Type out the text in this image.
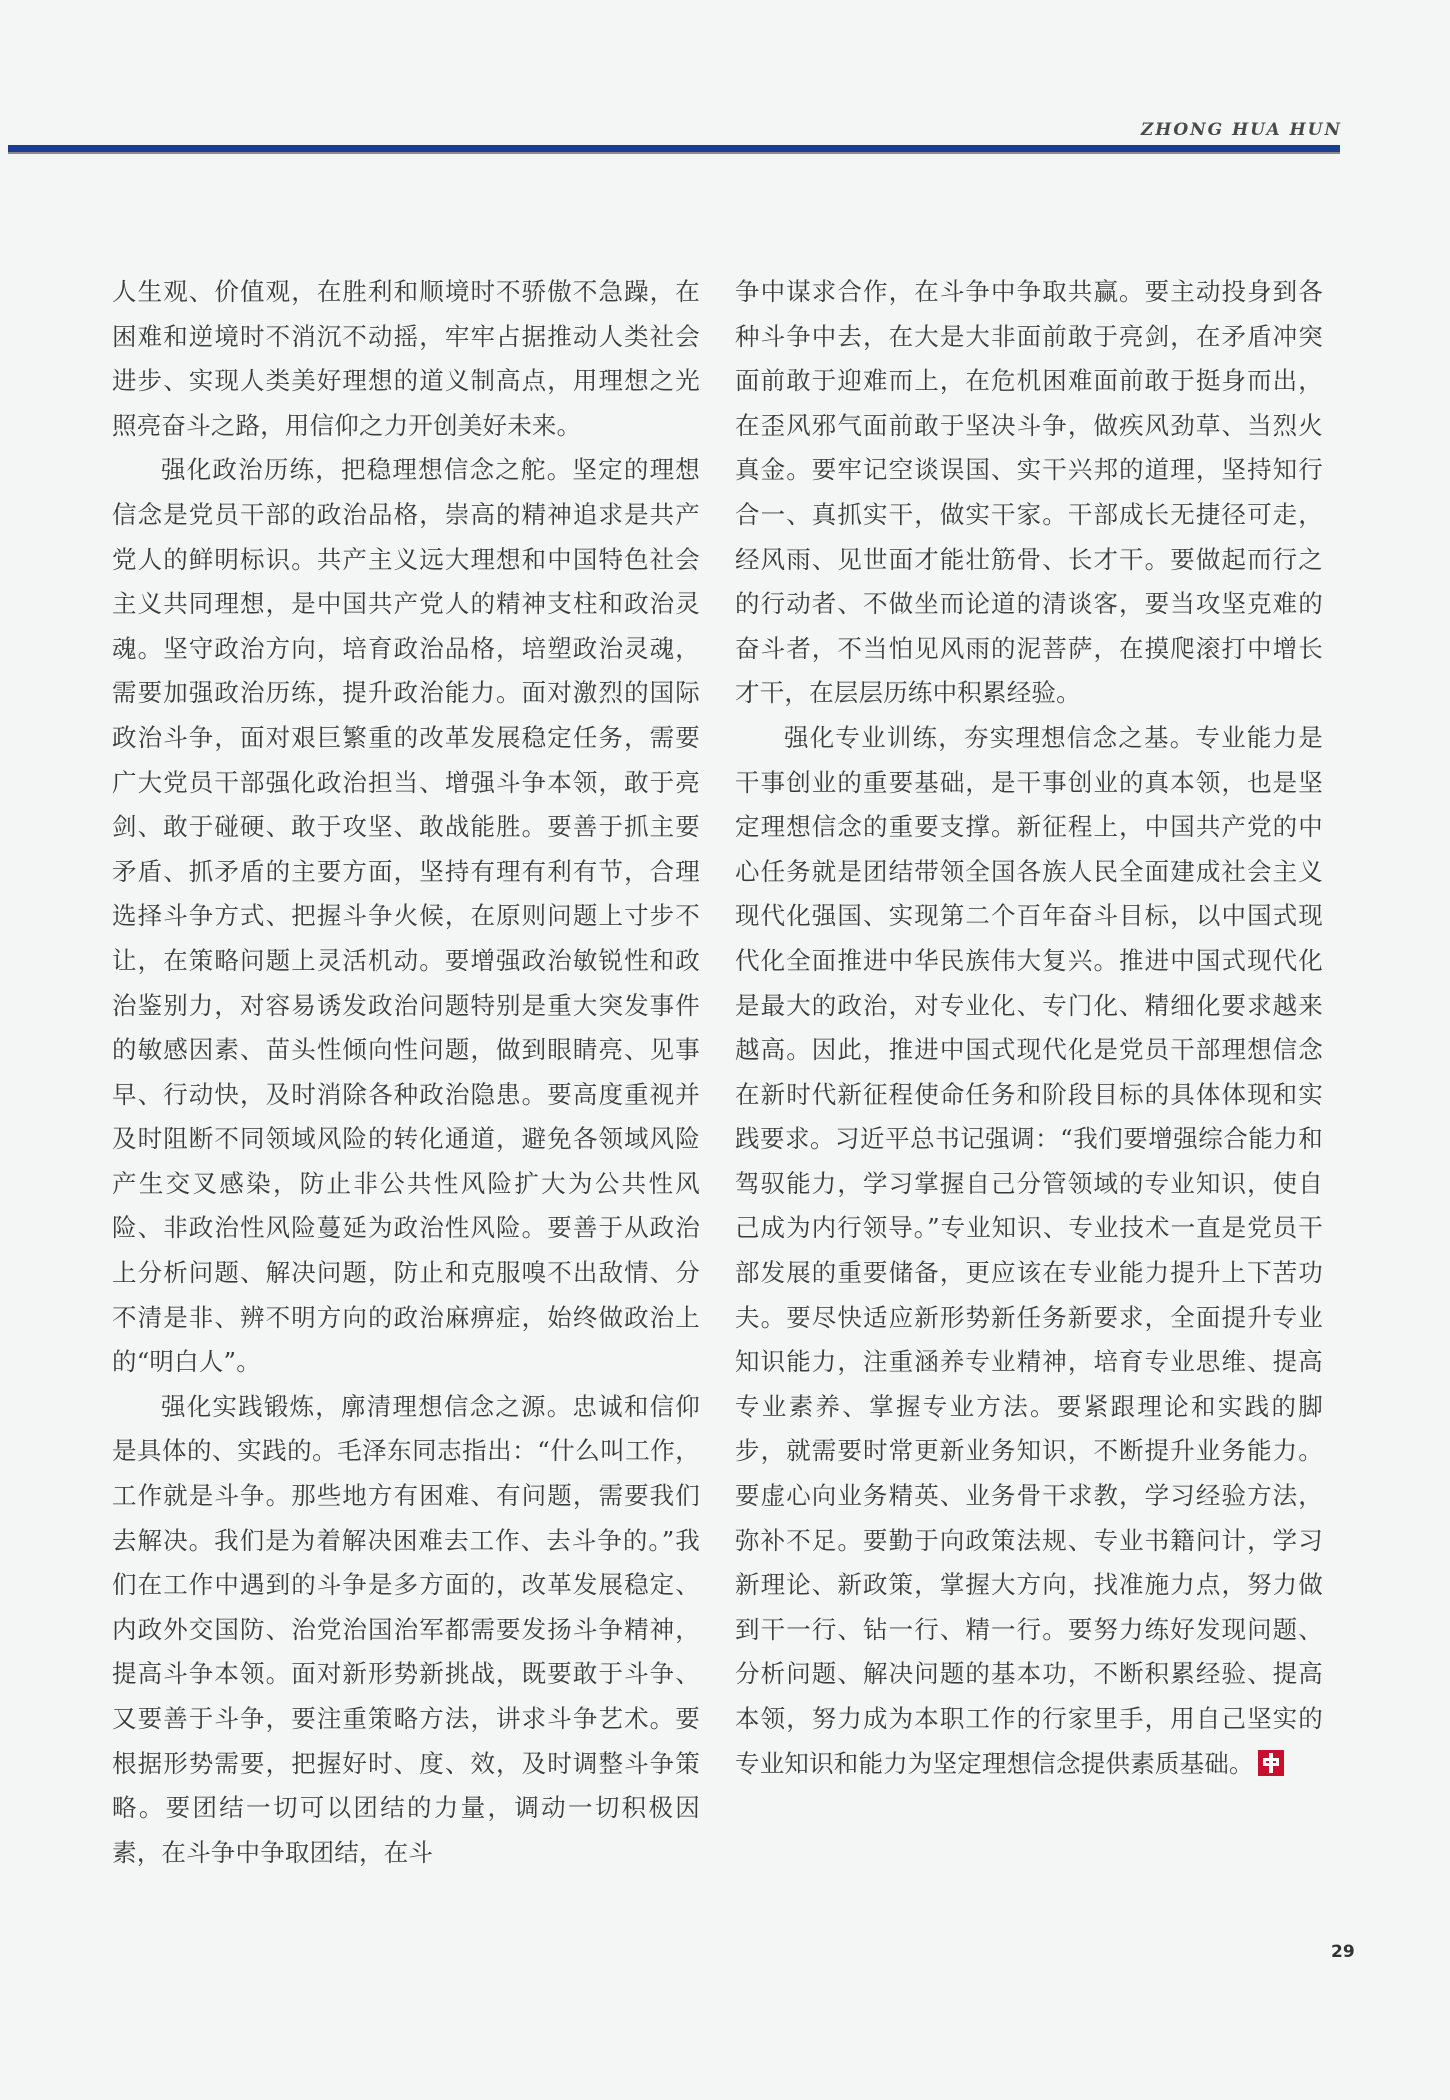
ZHONG HUA HUN

人生观、价值观，在胜利和顺境时不骄傲不急躁，在困难和逆境时不消沉不动摇，牢牢占据推动人类社会进步、实现人类美好理想的道义制高点，用理想之光照亮奋斗之路，用信仰之力开创美好未来。

强化政治历练，把稳理想信念之舵。坚定的理想信念是党员干部的政治品格，崇高的精神追求是共产党人的鲜明标识。共产主义远大理想和中国特色社会主义共同理想，是中国共产党人的精神支柱和政治灵魂。坚守政治方向，培育政治品格，培塑政治灵魂，需要加强政治历练，提升政治能力。面对激烈的国际政治斗争，面对艰巨繁重的改革发展稳定任务，需要广大党员干部强化政治担当、增强斗争本领，敢于亮剑、敢于碰硬、敢于攻坚、敢战能胜。要善于抓主要矛盾、抓矛盾的主要方面，坚持有理有利有节，合理选择斗争方式、把握斗争火候，在原则问题上寸步不让，在策略问题上灵活机动。要增强政治敏锐性和政治鉴别力，对容易诱发政治问题特别是重大突发事件的敏感因素、苗头性倾向性问题，做到眼睛亮、见事早、行动快，及时消除各种政治隐患。要高度重视并及时阻断不同领域风险的转化通道，避免各领域风险产生交叉感染，防止非公共性风险扩大为公共性风险、非政治性风险蔓延为政治性风险。要善于从政治上分析问题、解决问题，防止和克服嗅不出敌情、分不清是非、辨不明方向的政治麻痹症，始终做政治上的“明白人”。

强化实践锻炼，廓清理想信念之源。忠诚和信仰是具体的、实践的。毛泽东同志指出：“什么叫工作，工作就是斗争。那些地方有困难、有问题，需要我们去解决。我们是为着解决困难去工作、去斗争的。”我们在工作中遇到的斗争是多方面的，改革发展稳定、内政外交国防、治党治国治军都需要发扬斗争精神，提高斗争本领。面对新形势新挑战，既要敢于斗争、又要善于斗争，要注重策略方法，讲求斗争艺术。要根据形势需要，把握好时、度、效，及时调整斗争策略。要团结一切可以团结的力量，调动一切积极因素，在斗争中争取团结，在斗

争中谋求合作，在斗争中争取共赢。要主动投身到各种斗争中去，在大是大非面前敢于亮剑，在矛盾冲突面前敢于迎难而上，在危机困难面前敢于挺身而出，在歪风邪气面前敢于坚决斗争，做疾风劲草、当烈火真金。要牢记空谈误国、实干兴邦的道理，坚持知行合一、真抓实干，做实干家。干部成长无捷径可走，经风雨、见世面才能壮筋骨、长才干。要做起而行之的行动者、不做坐而论道的清谈客，要当攻坚克难的奋斗者，不当怕见风雨的泥菩萨，在摸爬滚打中增长才干，在层层历练中积累经验。

强化专业训练，夯实理想信念之基。专业能力是干事创业的重要基础，是干事创业的真本领，也是坚定理想信念的重要支撑。新征程上，中国共产党的中心任务就是团结带领全国各族人民全面建成社会主义现代化强国、实现第二个百年奋斗目标，以中国式现代化全面推进中华民族伟大复兴。推进中国式现代化是最大的政治，对专业化、专门化、精细化要求越来越高。因此，推进中国式现代化是党员干部理想信念在新时代新征程使命任务和阶段目标的具体体现和实践要求。习近平总书记强调：“我们要增强综合能力和驾驭能力，学习掌握自己分管领域的专业知识，使自己成为内行领导。”专业知识、专业技术一直是党员干部发展的重要储备，更应该在专业能力提升上下苦功夫。要尽快适应新形势新任务新要求，全面提升专业知识能力，注重涵养专业精神，培育专业思维、提高专业素养、掌握专业方法。要紧跟理论和实践的脚步，就需要时常更新业务知识，不断提升业务能力。要虚心向业务精英、业务骨干求教，学习经验方法，弥补不足。要勤于向政策法规、专业书籍问计，学习新理论、新政策，掌握大方向，找准施力点，努力做到干一行、钻一行、精一行。要努力练好发现问题、分析问题、解决问题的基本功，不断积累经验、提高本领，努力成为本职工作的行家里手，用自己坚实的专业知识和能力为坚定理想信念提供素质基础。

29
